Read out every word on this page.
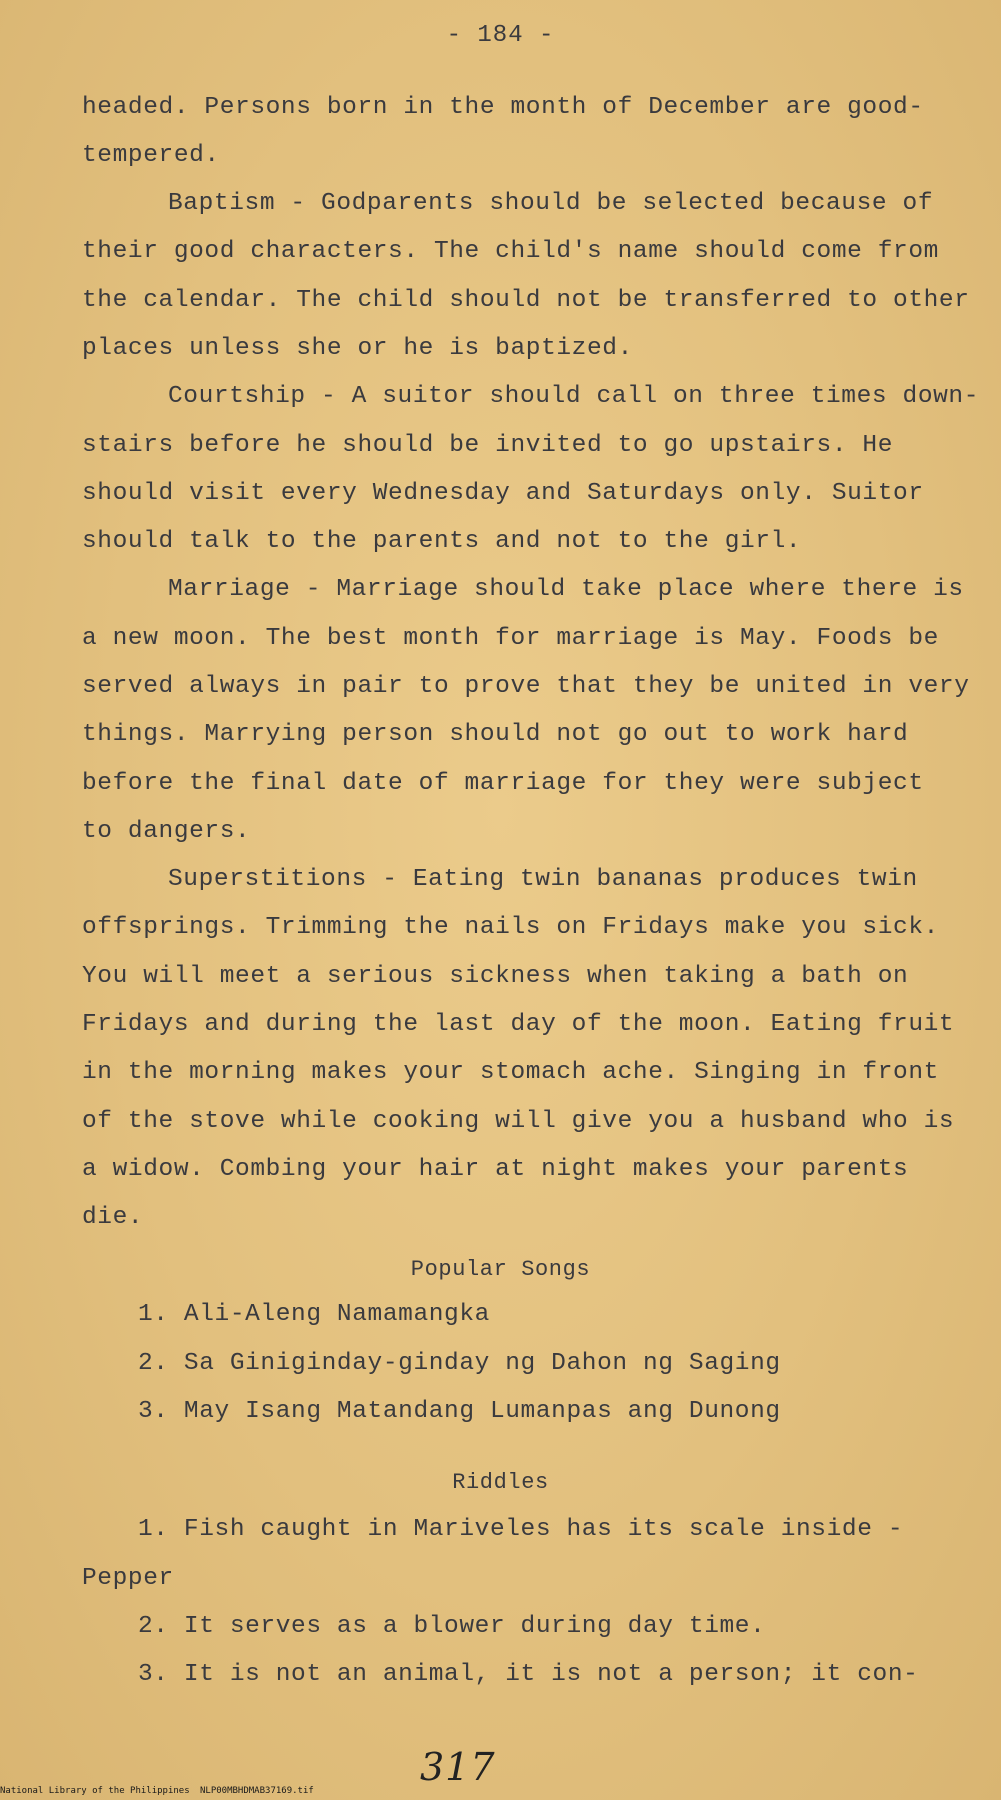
- 184 -
headed. Persons born in the month of December are good-
tempered.
Baptism - Godparents should be selected because of
their good characters. The child's name should come from
the calendar. The child should not be transferred to other
places unless she or he is baptized.
Courtship - A suitor should call on three times down-
stairs before he should be invited to go upstairs. He
should visit every Wednesday and Saturdays only. Suitor
should talk to the parents and not to the girl.
Marriage - Marriage should take place where there is
a new moon. The best month for marriage is May. Foods be
served always in pair to prove that they be united in very
things. Marrying person should not go out to work hard
before the final date of marriage for they were subject
to dangers.
Superstitions - Eating twin bananas produces twin
offsprings. Trimming the nails on Fridays make you sick.
You will meet a serious sickness when taking a bath on
Fridays and during the last day of the moon. Eating fruit
in the morning makes your stomach ache. Singing in front
of the stove while cooking will give you a husband who is
a widow. Combing your hair at night makes your parents
die.
Popular Songs
1. Ali-Aleng Namamangka
2. Sa Giniginday-ginday ng Dahon ng Saging
3. May Isang Matandang Lumanpas ang Dunong
Riddles
1. Fish caught in Mariveles has its scale inside -
Pepper
2. It serves as a blower during day time.
3. It is not an animal, it is not a person; it con-
317
National Library of the Philippines NLP00MBHDMAB37169.tif
